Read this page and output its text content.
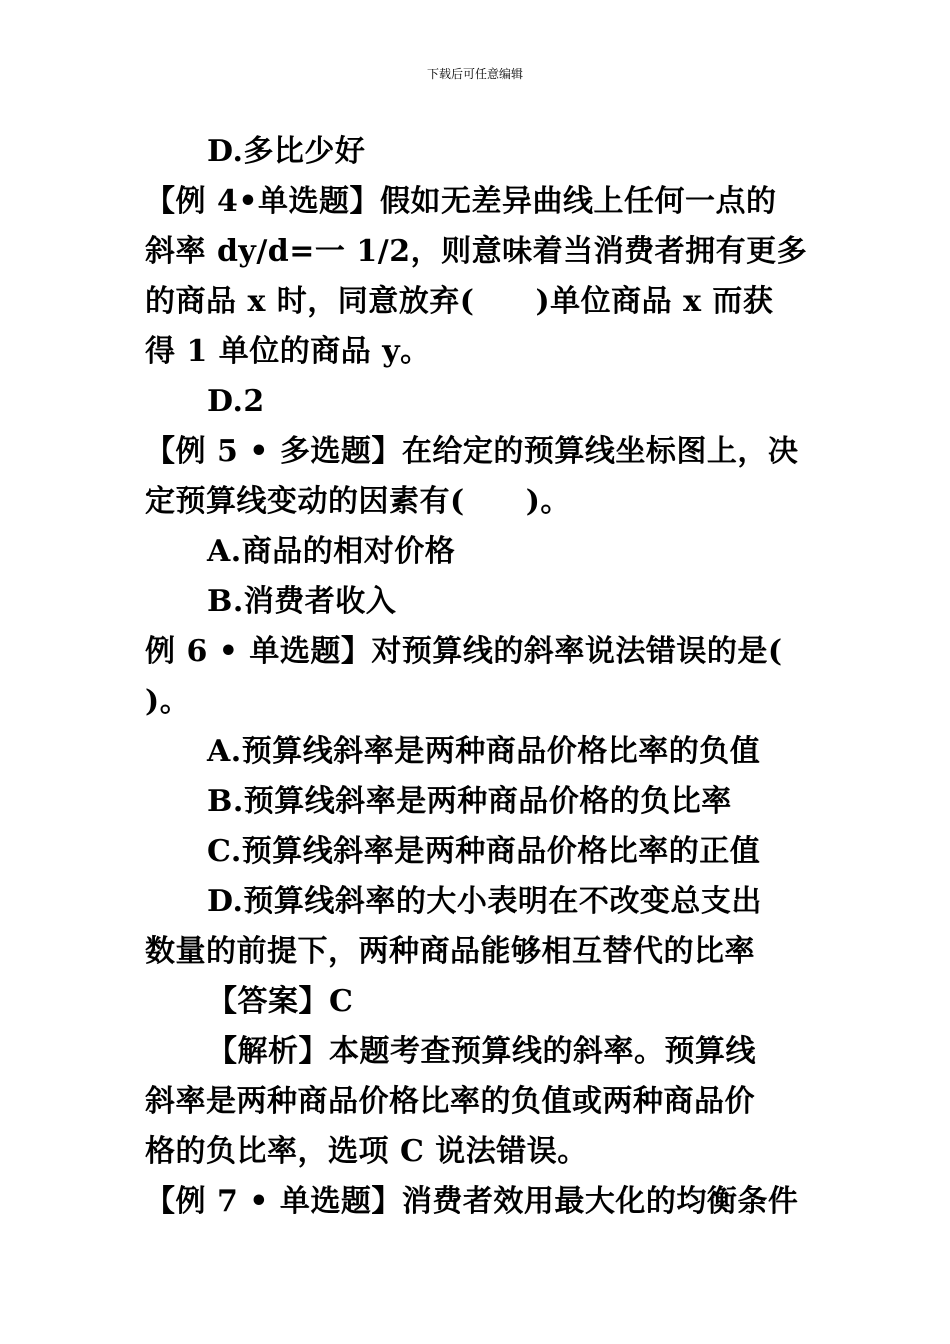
下载后可任意编辑
D.多比少好
【例 4•单选题】假如无差异曲线上任何一点的
斜率 dy/d=一 1/2，则意味着当消费者拥有更多
的商品 x 时，同意放弃(　　)单位商品 x 而获
得 1 单位的商品 y。
D.2
【例 5 • 多选题】在给定的预算线坐标图上，决
定预算线变动的因素有(　　)。
A.商品的相对价格
B.消费者收入
例 6 • 单选题】对预算线的斜率说法错误的是(
)。
A.预算线斜率是两种商品价格比率的负值
B.预算线斜率是两种商品价格的负比率
C.预算线斜率是两种商品价格比率的正值
D.预算线斜率的大小表明在不改变总支出
数量的前提下，两种商品能够相互替代的比率
【答案】C
【解析】本题考查预算线的斜率。预算线
斜率是两种商品价格比率的负值或两种商品价
格的负比率，选项 C 说法错误。
【例 7 • 单选题】消费者效用最大化的均衡条件
